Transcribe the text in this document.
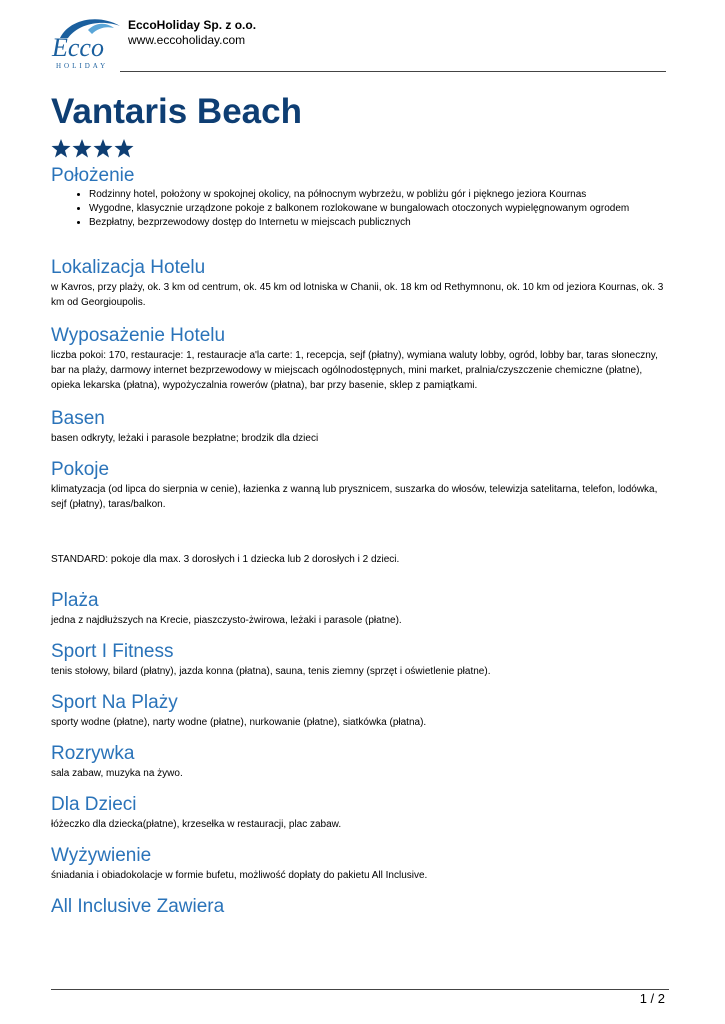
Ecco
HOLIDAY
EccoHoliday Sp. z o.o.
www.eccoholiday.com
Vantaris Beach
Położenie
• Rodzinny hotel, położony w spokojnej okolicy, na północnym wybrzeżu, w pobliżu gór i pięknego jeziora Kournas
• Wygodne, klasycznie urządzone pokoje z balkonem rozlokowane w bungalowach otoczonych wypielęgnowanym ogrodem
• Bezpłatny, bezprzewodowy dostęp do Internetu w miejscach publicznych
Lokalizacja Hotelu

w Kavros, przy plaży, ok. 3 km od centrum, ok. 45 km od lotniska w Chanii, ok. 18 km od Rethymnonu, ok. 10 km od jeziora Kournas, ok. 3 km od Georgioupolis.

Wyposażenie Hotelu

liczba pokoi: 170, restauracje: 1, restauracje a'la carte: 1, recepcja, sejf (płatny), wymiana waluty lobby, ogród, lobby bar, taras słoneczny, bar na plaży, darmowy internet bezprzewodowy w miejscach ogólnodostępnych, mini market, pralnia/czyszczenie chemiczne (płatne), opieka lekarska (płatna), wypożyczalnia rowerów (płatna), bar przy basenie, sklep z pamiątkami.

Basen

basen odkryty, leżaki i parasole bezpłatne; brodzik dla dzieci

Pokoje

klimatyzacja (od lipca do sierpnia w cenie), łazienka z wanną lub prysznicem, suszarka do włosów, telewizja satelitarna, telefon, lodówka, sejf (płatny), taras/balkon.

STANDARD: pokoje dla max. 3 dorosłych i 1 dziecka lub 2 dorosłych i 2 dzieci.

Plaża

jedna z najdłuższych na Krecie, piaszczysto-żwirowa, leżaki i parasole (płatne).

Sport I Fitness

tenis stołowy, bilard (płatny), jazda konna (płatna), sauna, tenis ziemny (sprzęt i oświetlenie płatne).

Sport Na Plaży

sporty wodne (płatne), narty wodne (płatne), nurkowanie (płatne), siatkówka (płatna).

Rozrywka

sala zabaw, muzyka na żywo.

Dla Dzieci

łóżeczko dla dziecka(płatne), krzesełka w restauracji, plac zabaw.

Wyżywienie

śniadania i obiadokolacje w formie bufetu, możliwość dopłaty do pakietu All Inclusive.

All Inclusive Zawiera
1 / 2
